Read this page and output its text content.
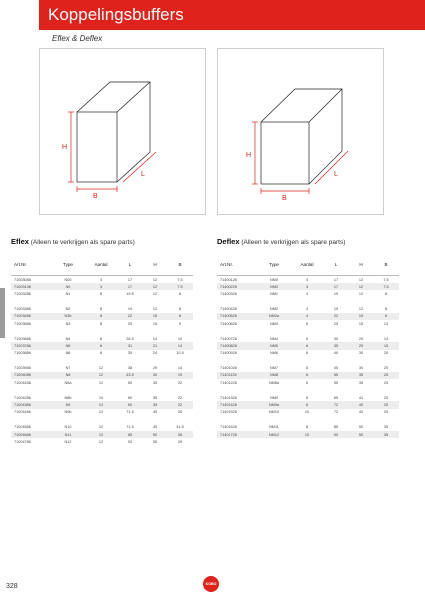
Koppelingsbuffers
Eflex & Deflex
H
B
L
H
B
L
Eflex (Alleen te verkrijgen als spare parts)	Deflex (Alleen te verkrijgen als spare parts)
Art.Nr.	Type	Aantal	L	H	B
71003086	N00	3	17	12	7.5
71003136	N0	3	17	12	7.5
71003286	N1	8	19.5	12	8

71003386	N2	8	19	12	8
71003486	N3b	8	22	15	8
71003586	N3	8	25	15	9

71003686	N4	8	28.5	14	10
71003786	N5	8	31	21	14
71003886	N6	8	35	24	10.5

71003986	N7	12	38	29	14
71004086	N8	12	43.5	30	19
71004186	N8a	12	50	35	22

71004286	N8b	10	60	35	22
71004386	N9	12	60	35	22
71004486	N9b	12	71.5	45	25

71004586	N10	12	71.5	45	31.5
71004686	N11	12	85	50	35
71004786	N12	12	92	55	29
Art.Nr.	Type	Aantal	L	H	B
71400126	NM0	3	17	12	7.5
71400226	NM0	3	17	12	7.5
71400326	NM1	4	19	12	8

71400426	NM2	4	19	12	8
71400526	NM2a	4	22	15	8
71400626	NM3	6	25	15	13

71400726	NM4	6	30	20	14
71400826	NM5	6	35	25	15
71400926	NM6	6	40	30	20

71401026	NM7	6	45	30	20
71401126	NM8	6	55	35	25
71401226	NM8a	6	55	35	25

71401326	NM9	6	65	41	25
71401426	NM9a	6	72	40	25
71401526	NM10	10	72	40	25

71401626	NM11	8	85	50	35
71401726	NM12	10	90	50	35
328	KOBO
